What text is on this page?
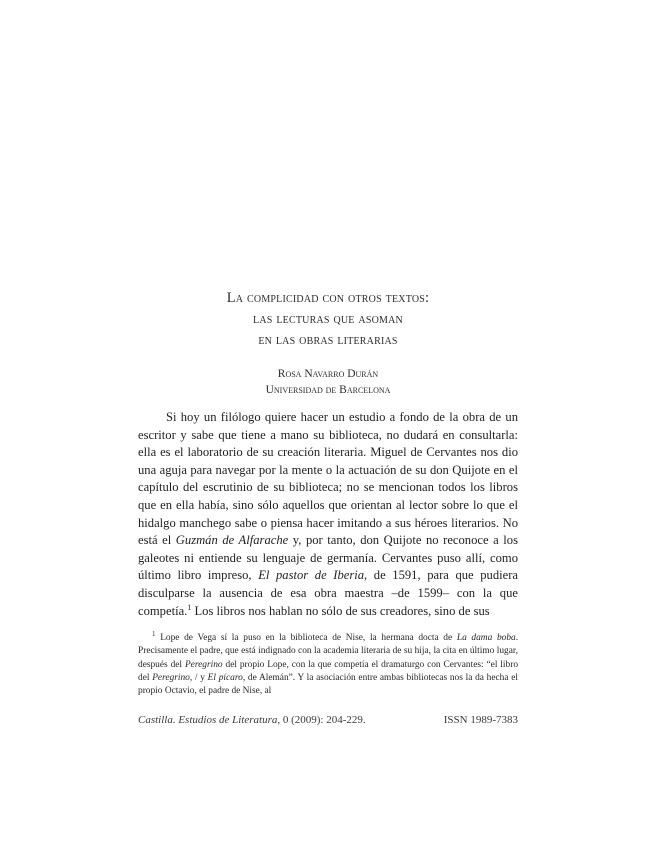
La complicidad con otros textos:
las lecturas que asoman
en las obras literarias
Rosa Navarro Durán
Universidad de Barcelona

Si hoy un filólogo quiere hacer un estudio a fondo de la obra de un escritor y sabe que tiene a mano su biblioteca, no dudará en consultarla: ella es el laboratorio de su creación literaria. Miguel de Cervantes nos dio una aguja para navegar por la mente o la actuación de su don Quijote en el capítulo del escrutinio de su biblioteca; no se mencionan todos los libros que en ella había, sino sólo aquellos que orientan al lector sobre lo que el hidalgo manchego sabe o piensa hacer imitando a sus héroes literarios. No está el Guzmán de Alfarache y, por tanto, don Quijote no reconoce a los galeotes ni entiende su lenguaje de germanía. Cervantes puso allí, como último libro impreso, El pastor de Iberia, de 1591, para que pudiera disculparse la ausencia de esa obra maestra ‒de 1599‒ con la que competía.$^1$ Los libros nos hablan no sólo de sus creadores, sino de sus

$^1$ Lope de Vega sí la puso en la biblioteca de Nise, la hermana docta de La dama boba. Precisamente el padre, que está indignado con la academia literaria de su hija, la cita en último lugar, después del Peregrino del propio Lope, con la que competía el dramaturgo con Cervantes: “el libro del Peregrino, / y El pícaro, de Alemán”. Y la asociación entre ambas bibliotecas nos la da hecha el propio Octavio, el padre de Nise, al

Castilla. Estudios de Literatura, 0 (2009): 204-229.	ISSN 1989-7383
